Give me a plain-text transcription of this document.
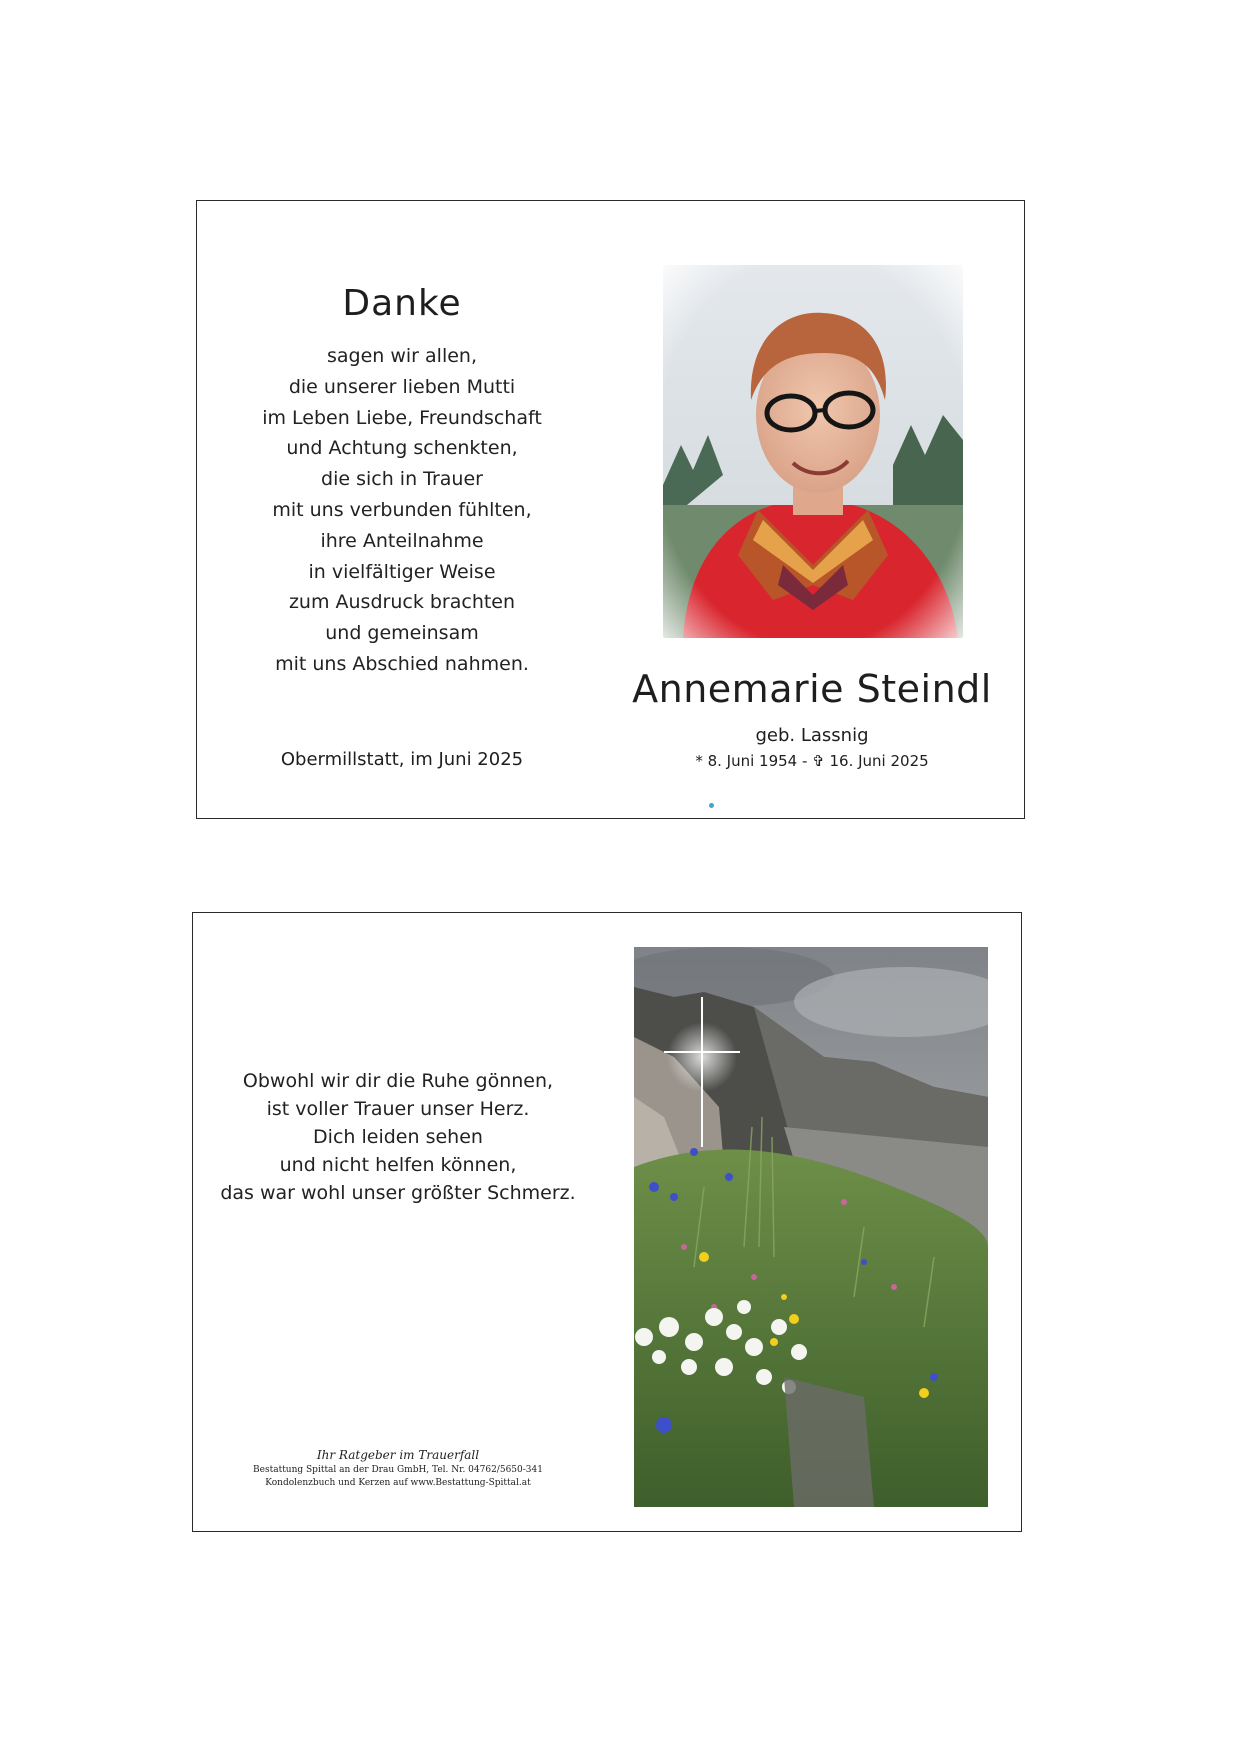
Danke
sagen wir allen,
die unserer lieben Mutti
im Leben Liebe, Freundschaft
und Achtung schenkten,
die sich in Trauer
mit uns verbunden fühlten,
ihre Anteilnahme
in vielfältiger Weise
zum Ausdruck brachten
und gemeinsam
mit uns Abschied nahmen.
Obermillstatt, im Juni 2025
Annemarie Steindl
geb. Lassnig
* 8. Juni 1954 - ✞ 16. Juni 2025
Obwohl wir dir die Ruhe gönnen,
ist voller Trauer unser Herz.
Dich leiden sehen
und nicht helfen können,
das war wohl unser größter Schmerz.
Ihr Ratgeber im Trauerfall
Bestattung Spittal an der Drau GmbH, Tel. Nr. 04762/5650-341
Kondolenzbuch und Kerzen auf www.Bestattung-Spittal.at
